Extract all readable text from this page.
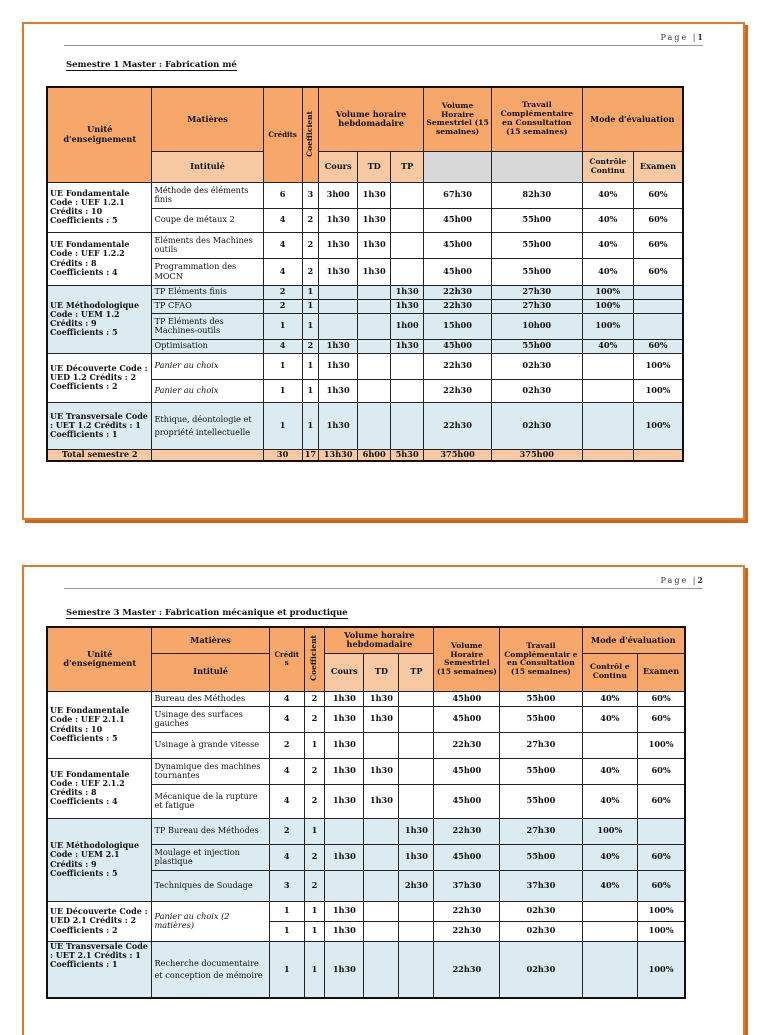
Page |1
Semestre 1 Master : Fabrication mé
Unité d'enseignement	Matières	Crédits	Coefficient	Volume horaire hebdomadaire			Volume Horaire Semestriel (15 semaines)	Travail Complémentaire en Consultation (15 semaines)	Mode d'évaluation	
	Intitulé			Cours	TD	TP			Contrôle Continu	Examen
UE Fondamentale Code : UEF 1.2.1 Crédits : 10 Coefficients : 5	Méthode des éléments finis	6	3	3h00	1h30		67h30	82h30	40%	60%
	Coupe de métaux 2	4	2	1h30	1h30		45h00	55h00	40%	60%
UE Fondamentale Code : UEF 1.2.2 Crédits : 8 Coefficients : 4	Eléments des Machines outils	4	2	1h30	1h30		45h00	55h00	40%	60%
	Programmation des MOCN	4	2	1h30	1h30		45h00	55h00	40%	60%
UE Méthodologique Code : UEM 1.2 Crédits : 9 Coefficients : 5	TP Eléments finis	2	1			1h30	22h30	27h30	100%	
	TP CFAO	2	1			1h30	22h30	27h30	100%	
	TP Eléments des Machines-outils	1	1			1h00	15h00	10h00	100%	
	Optimisation	4	2	1h30		1h30	45h00	55h00	40%	60%
UE Découverte Code : UED 1.2 Crédits : 2 Coefficients : 2	Panier au choix	1	1	1h30			22h30	02h30		100%
	Panier au choix	1	1	1h30			22h30	02h30		100%
UE Transversale Code : UET 1.2 Crédits : 1 Coefficients : 1	Ethique, déontologie et propriété intellectuelle	1	1	1h30			22h30	02h30		100%
Total semestre 2		30	17	13h30	6h00	5h30	375h00	375h00		
Page |2
Semestre 3 Master : Fabrication mécanique et productique
Unité d'enseignement	Matières	Crédit s	Coefficient	Volume horaire hebdomadaire			Volume Horaire Semestriel (15 semaines)	Travail Complémentair e en Consultation (15 semaines)	Mode d'évaluation	
	Intitulé			Cours	TD	TP			Contrôl e Continu	Examen
UE Fondamentale Code : UEF 2.1.1 Crédits : 10 Coefficients : 5	Bureau des Méthodes	4	2	1h30	1h30		45h00	55h00	40%	60%
	Usinage des surfaces gauches	4	2	1h30	1h30		45h00	55h00	40%	60%
	Usinage à grande vitesse	2	1	1h30			22h30	27h30		100%
UE Fondamentale Code : UEF 2.1.2 Crédits : 8 Coefficients : 4	Dynamique des machines tournantes	4	2	1h30	1h30		45h00	55h00	40%	60%
	Mécanique de la rupture et fatigue	4	2	1h30	1h30		45h00	55h00	40%	60%
UE Méthodologique Code : UEM 2.1 Crédits : 9 Coefficients : 5	TP Bureau des Méthodes	2	1			1h30	22h30	27h30	100%	
	Moulage et injection plastique	4	2	1h30		1h30	45h00	55h00	40%	60%
	Techniques de Soudage	3	2			2h30	37h30	37h30	40%	60%
UE Découverte Code : UED 2.1 Crédits : 2 Coefficients : 2	Panier au choix (2 matières)	1	1	1h30			22h30	02h30		100%
		1	1	1h30			22h30	02h30		100%
UE Transversale Code : UET 2.1 Crédits : 1 Coefficients : 1	Recherche documentaire et conception de mémoire	1	1	1h30			22h30	02h30		100%
